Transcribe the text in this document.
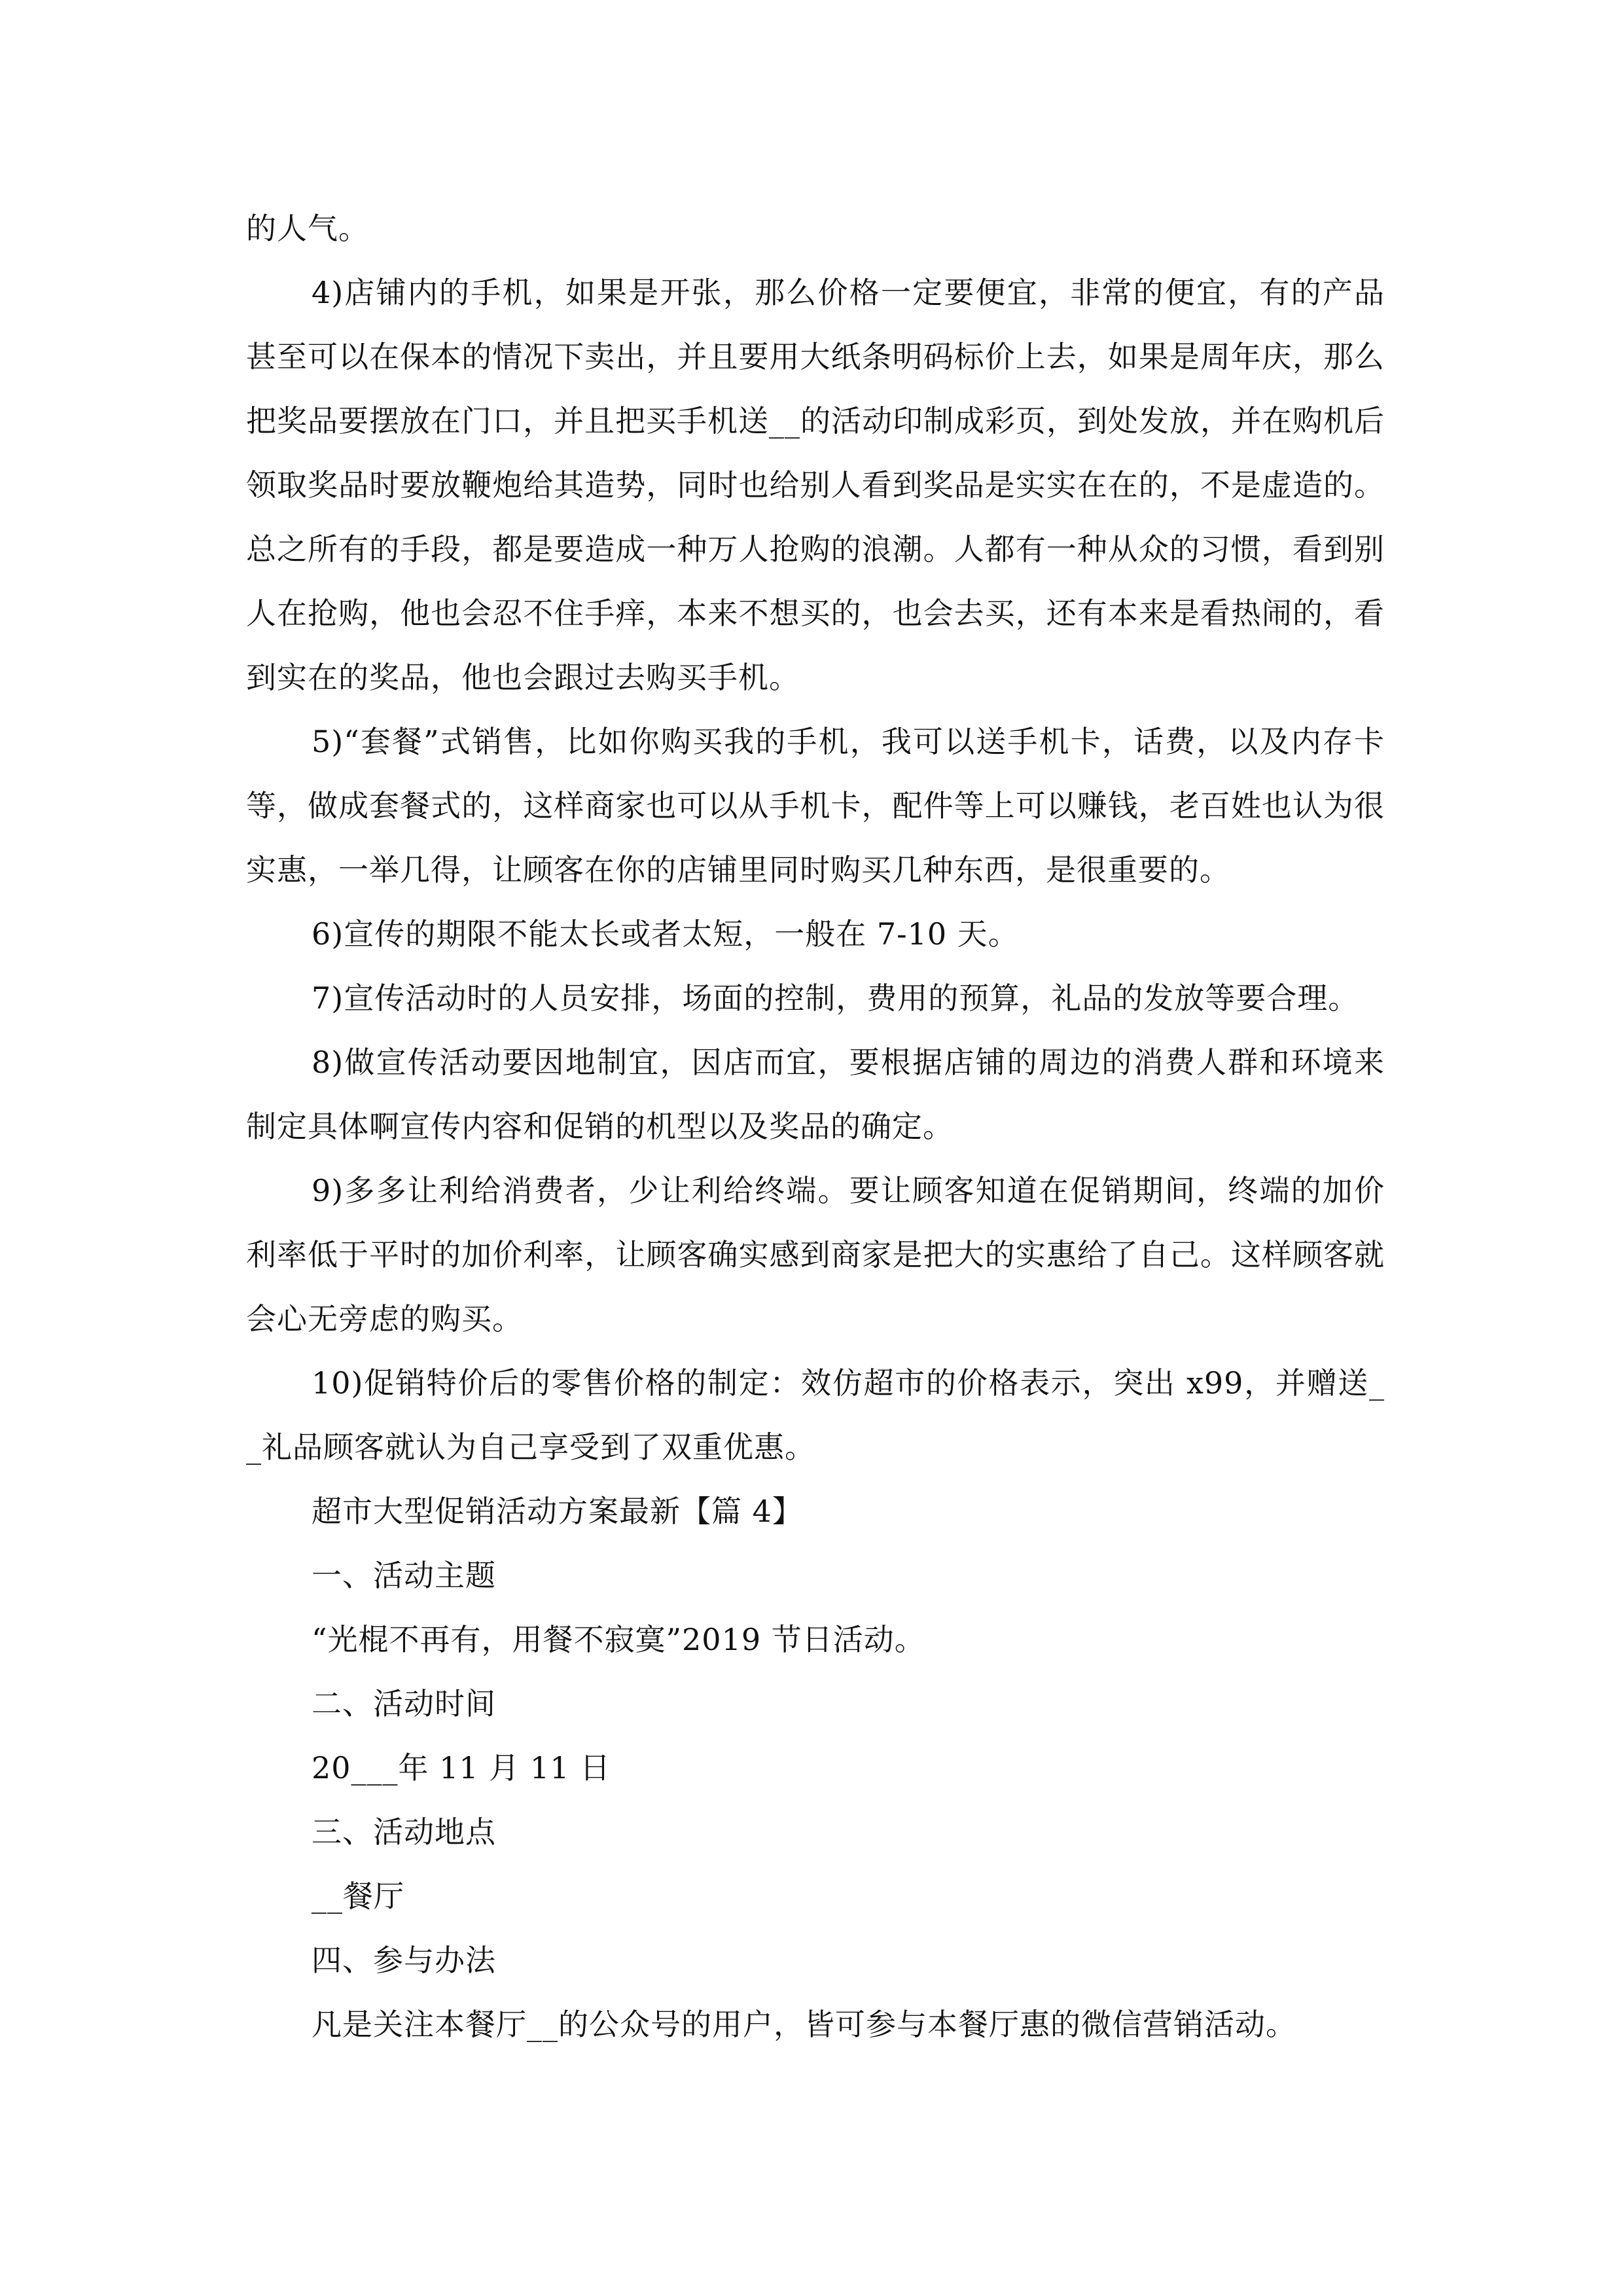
的人气。

4)店铺内的手机，如果是开张，那么价格一定要便宜，非常的便宜，有的产品甚至可以在保本的情况下卖出，并且要用大纸条明码标价上去，如果是周年庆，那么把奖品要摆放在门口，并且把买手机送__的活动印制成彩页，到处发放，并在购机后领取奖品时要放鞭炮给其造势，同时也给别人看到奖品是实实在在的，不是虚造的。总之所有的手段，都是要造成一种万人抢购的浪潮。人都有一种从众的习惯，看到别人在抢购，他也会忍不住手痒，本来不想买的，也会去买，还有本来是看热闹的，看到实在的奖品，他也会跟过去购买手机。

5)“套餐”式销售，比如你购买我的手机，我可以送手机卡，话费，以及内存卡等，做成套餐式的，这样商家也可以从手机卡，配件等上可以赚钱，老百姓也认为很实惠，一举几得，让顾客在你的店铺里同时购买几种东西，是很重要的。

6)宣传的期限不能太长或者太短，一般在 7-10 天。

7)宣传活动时的人员安排，场面的控制，费用的预算，礼品的发放等要合理。

8)做宣传活动要因地制宜，因店而宜，要根据店铺的周边的消费人群和环境来制定具体啊宣传内容和促销的机型以及奖品的确定。

9)多多让利给消费者，少让利给终端。要让顾客知道在促销期间，终端的加价利率低于平时的加价利率，让顾客确实感到商家是把大的实惠给了自己。这样顾客就会心无旁虑的购买。

10)促销特价后的零售价格的制定：效仿超市的价格表示，突出 x99，并赠送__礼品顾客就认为自己享受到了双重优惠。

超市大型促销活动方案最新【篇 4】

一、活动主题

“光棍不再有，用餐不寂寞”2019 节日活动。

二、活动时间

20___年 11 月 11 日

三、活动地点

__餐厅

四、参与办法

凡是关注本餐厅__的公众号的用户，皆可参与本餐厅惠的微信营销活动。
